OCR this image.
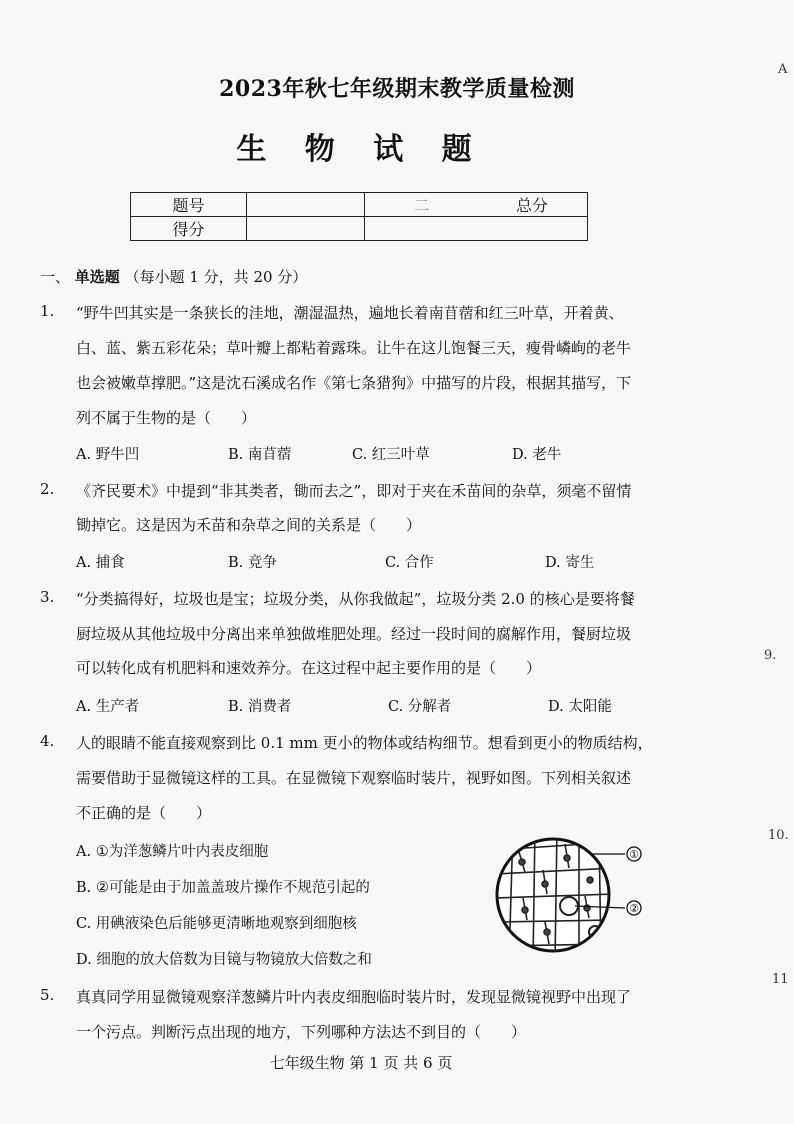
2023年秋七年级期末教学质量检测
生 物 试 题
题号		二	总分
得分			
一、 单选题 （每小题 1 分，共 20 分）
1. “野牛凹其实是一条狭长的洼地，潮湿温热，遍地长着南苜蓿和红三叶草，开着黄、
白、蓝、紫五彩花朵；草叶瓣上都粘着露珠。让牛在这儿饱餐三天，瘦骨嶙峋的老牛
也会被嫩草撑肥。”这是沈石溪成名作《第七条猎狗》中描写的片段，根据其描写，下
列不属于生物的是（　　）
A. 野牛凹	B. 南苜蓿	C. 红三叶草	D. 老牛
2. 《齐民要术》中提到“非其类者，锄而去之”，即对于夹在禾苗间的杂草，须毫不留情
锄掉它。这是因为禾苗和杂草之间的关系是（　　）
A. 捕食	B. 竞争	C. 合作	D. 寄生
3. “分类搞得好，垃圾也是宝；垃圾分类，从你我做起”，垃圾分类 2.0 的核心是要将餐
厨垃圾从其他垃圾中分离出来单独做堆肥处理。经过一段时间的腐解作用，餐厨垃圾
可以转化成有机肥料和速效养分。在这过程中起主要作用的是（　　）
A. 生产者	B. 消费者	C. 分解者	D. 太阳能
4. 人的眼睛不能直接观察到比 0.1 mm 更小的物体或结构细节。想看到更小的物质结构，
需要借助于显微镜这样的工具。在显微镜下观察临时装片，视野如图。下列相关叙述
不正确的是（　　）
A. ①为洋葱鳞片叶内表皮细胞
B. ②可能是由于加盖盖玻片操作不规范引起的
C. 用碘液染色后能够更清晰地观察到细胞核
D. 细胞的放大倍数为目镜与物镜放大倍数之和
①
②
5. 真真同学用显微镜观察洋葱鳞片叶内表皮细胞临时装片时，发现显微镜视野中出现了
一个污点。判断污点出现的地方，下列哪种方法达不到目的（　　）
七年级生物 第 1 页 共 6 页
A
9.
10.
11
